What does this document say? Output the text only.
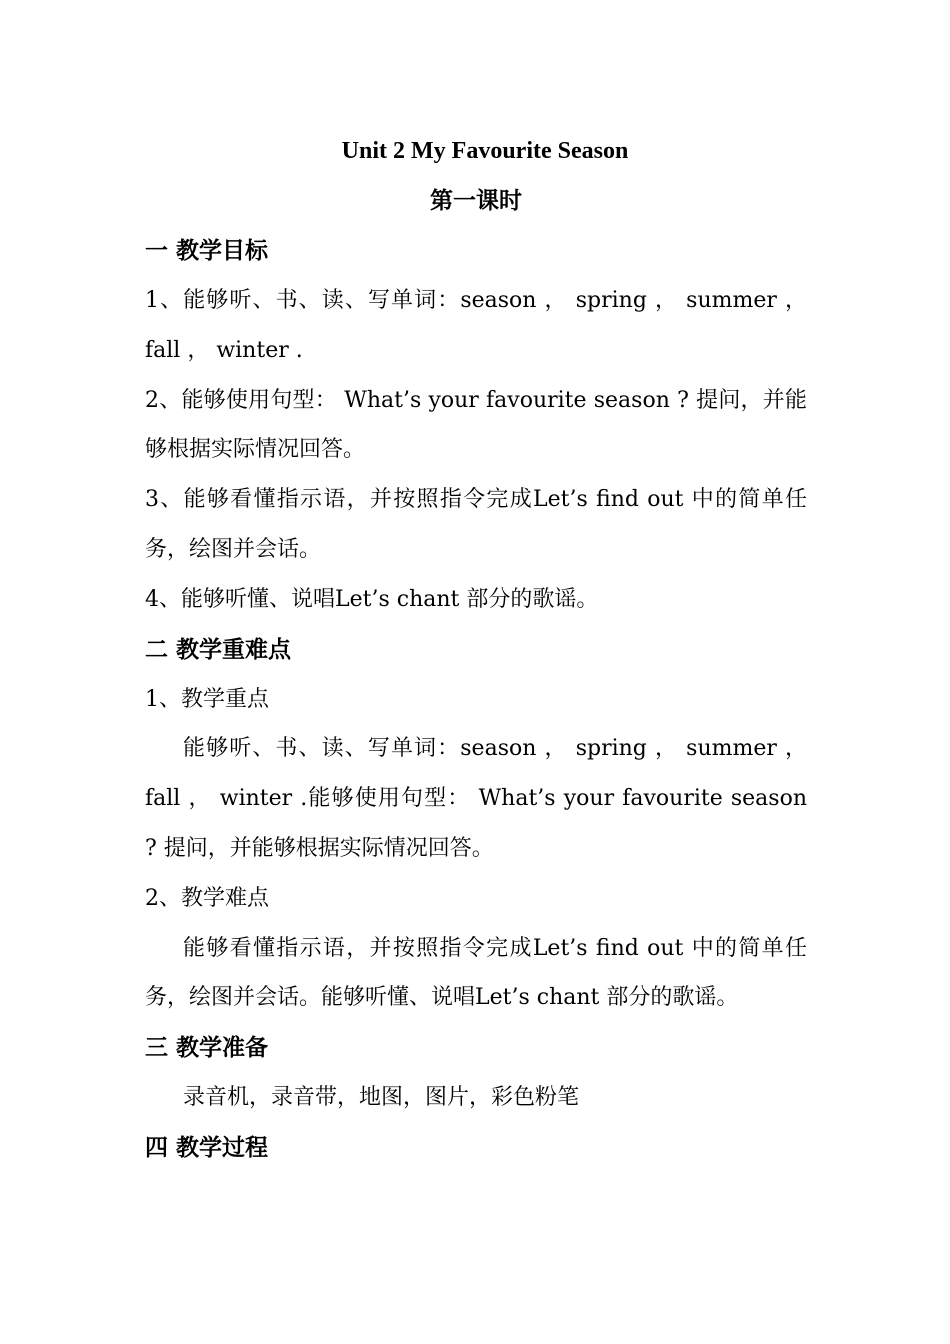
Unit 2 My Favourite Season
第一课时
一 教学目标
1、能够听、书、读、写单词：season ， spring ， summer ， fall ， winter .
2、能够使用句型： What’s your favourite season ? 提问，并能够根据实际情况回答。
3、能够看懂指示语，并按照指令完成Let’s find out 中的简单任务，绘图并会话。
4、能够听懂、说唱Let’s chant 部分的歌谣。
二 教学重难点
1、教学重点
能够听、书、读、写单词：season ， spring ， summer ， fall ， winter .能够使用句型： What’s your favourite season ? 提问，并能够根据实际情况回答。
2、教学难点
能够看懂指示语，并按照指令完成Let’s find out 中的简单任务，绘图并会话。能够听懂、说唱Let’s chant 部分的歌谣。
三 教学准备
录音机，录音带，地图，图片，彩色粉笔
四 教学过程
